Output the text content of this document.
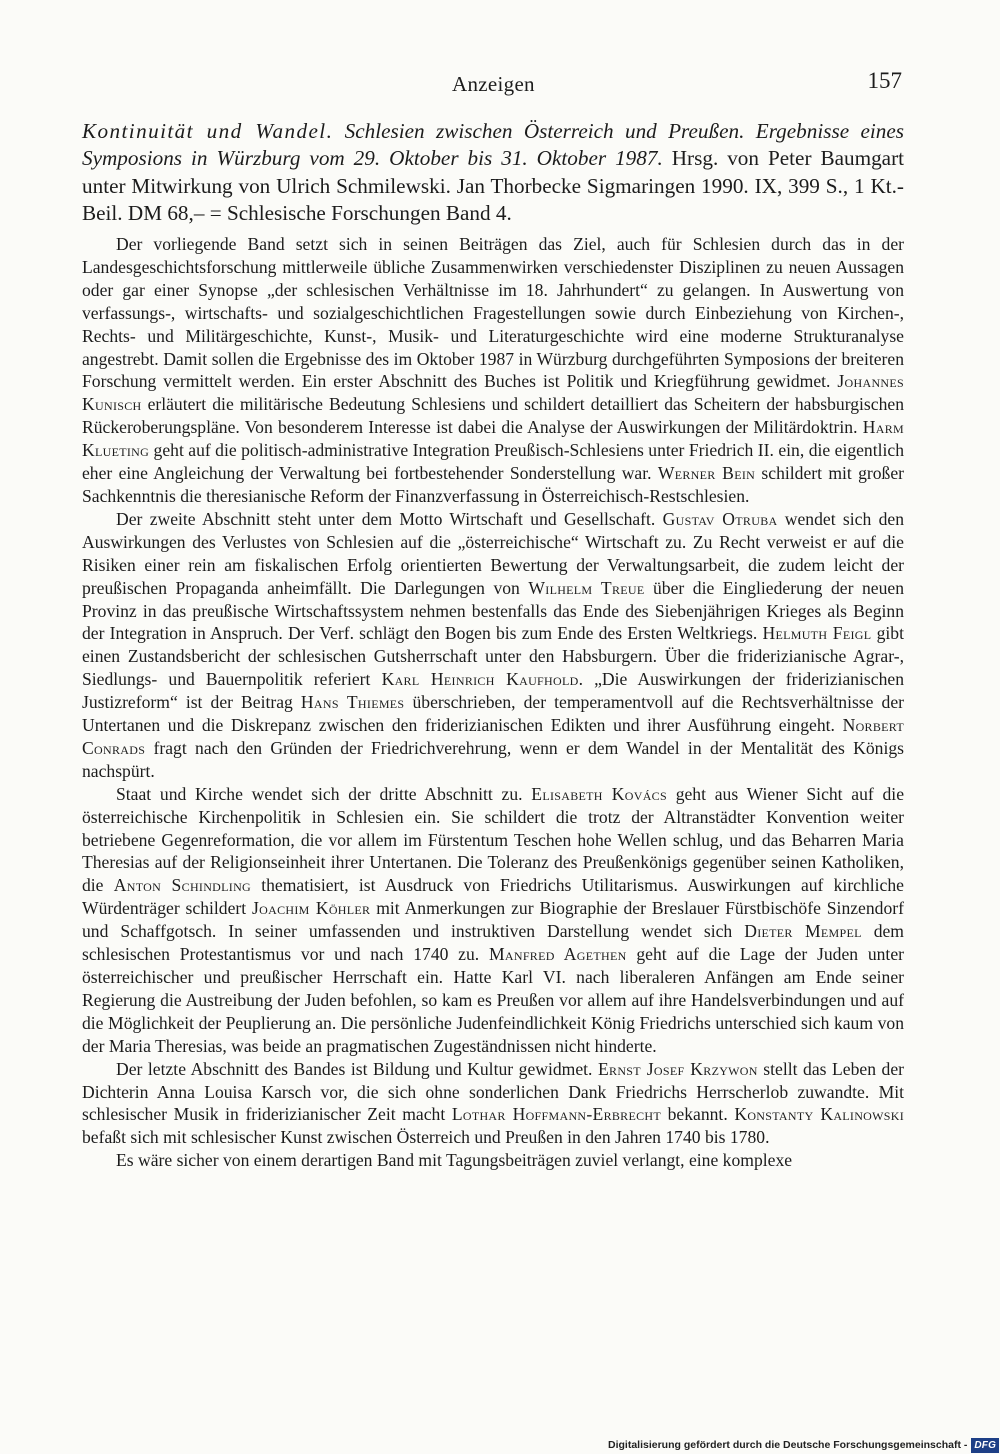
Anzeigen	157
Kontinuität und Wandel. Schlesien zwischen Österreich und Preußen. Ergebnisse eines Symposions in Würzburg vom 29. Oktober bis 31. Oktober 1987. Hrsg. von Peter Baumgart unter Mitwirkung von Ulrich Schmilewski. Jan Thorbecke Sigmaringen 1990. IX, 399 S., 1 Kt.-Beil. DM 68,– = Schlesische Forschungen Band 4.

Der vorliegende Band setzt sich in seinen Beiträgen das Ziel, auch für Schlesien durch das in der Landesgeschichtsforschung mittlerweile übliche Zusammenwirken verschiedenster Disziplinen zu neuen Aussagen oder gar einer Synopse „der schlesischen Verhältnisse im 18. Jahrhundert“ zu gelangen. In Auswertung von verfassungs-, wirtschafts- und sozialgeschichtlichen Fragestellungen sowie durch Einbeziehung von Kirchen-, Rechts- und Militärgeschichte, Kunst-, Musik- und Literaturgeschichte wird eine moderne Strukturanalyse angestrebt. Damit sollen die Ergebnisse des im Oktober 1987 in Würzburg durchgeführten Symposions der breiteren Forschung vermittelt werden. Ein erster Abschnitt des Buches ist Politik und Kriegführung gewidmet. Johannes Kunisch erläutert die militärische Bedeutung Schlesiens und schildert detailliert das Scheitern der habsburgischen Rückeroberungspläne. Von besonderem Interesse ist dabei die Analyse der Auswirkungen der Militärdoktrin. Harm Klueting geht auf die politisch-administrative Integration Preußisch-Schlesiens unter Friedrich II. ein, die eigentlich eher eine Angleichung der Verwaltung bei fortbestehender Sonderstellung war. Werner Bein schildert mit großer Sachkenntnis die theresianische Reform der Finanzverfassung in Österreichisch-Restschlesien.

Der zweite Abschnitt steht unter dem Motto Wirtschaft und Gesellschaft. Gustav Otruba wendet sich den Auswirkungen des Verlustes von Schlesien auf die „österreichische“ Wirtschaft zu. Zu Recht verweist er auf die Risiken einer rein am fiskalischen Erfolg orientierten Bewertung der Verwaltungsarbeit, die zudem leicht der preußischen Propaganda anheimfällt. Die Darlegungen von Wilhelm Treue über die Eingliederung der neuen Provinz in das preußische Wirtschaftssystem nehmen bestenfalls das Ende des Siebenjährigen Krieges als Beginn der Integration in Anspruch. Der Verf. schlägt den Bogen bis zum Ende des Ersten Weltkriegs. Helmuth Feigl gibt einen Zustandsbericht der schlesischen Gutsherrschaft unter den Habsburgern. Über die friderizianische Agrar-, Siedlungs- und Bauernpolitik referiert Karl Heinrich Kaufhold. „Die Auswirkungen der friderizianischen Justizreform“ ist der Beitrag Hans Thiemes überschrieben, der temperamentvoll auf die Rechtsverhältnisse der Untertanen und die Diskrepanz zwischen den friderizianischen Edikten und ihrer Ausführung eingeht. Norbert Conrads fragt nach den Gründen der Friedrichverehrung, wenn er dem Wandel in der Mentalität des Königs nachspürt.

Staat und Kirche wendet sich der dritte Abschnitt zu. Elisabeth Kovács geht aus Wiener Sicht auf die österreichische Kirchenpolitik in Schlesien ein. Sie schildert die trotz der Altranstädter Konvention weiter betriebene Gegenreformation, die vor allem im Fürstentum Teschen hohe Wellen schlug, und das Beharren Maria Theresias auf der Religionseinheit ihrer Untertanen. Die Toleranz des Preußenkönigs gegenüber seinen Katholiken, die Anton Schindling thematisiert, ist Ausdruck von Friedrichs Utilitarismus. Auswirkungen auf kirchliche Würdenträger schildert Joachim Köhler mit Anmerkungen zur Biographie der Breslauer Fürstbischöfe Sinzendorf und Schaffgotsch. In seiner umfassenden und instruktiven Darstellung wendet sich Dieter Mempel dem schlesischen Protestantismus vor und nach 1740 zu. Manfred Agethen geht auf die Lage der Juden unter österreichischer und preußischer Herrschaft ein. Hatte Karl VI. nach liberaleren Anfängen am Ende seiner Regierung die Austreibung der Juden befohlen, so kam es Preußen vor allem auf ihre Handelsverbindungen und auf die Möglichkeit der Peuplierung an. Die persönliche Judenfeindlichkeit König Friedrichs unterschied sich kaum von der Maria Theresias, was beide an pragmatischen Zugeständnissen nicht hinderte.

Der letzte Abschnitt des Bandes ist Bildung und Kultur gewidmet. Ernst Josef Krzywon stellt das Leben der Dichterin Anna Louisa Karsch vor, die sich ohne sonderlichen Dank Friedrichs Herrscherlob zuwandte. Mit schlesischer Musik in friderizianischer Zeit macht Lothar Hoffmann-Erbrecht bekannt. Konstanty Kalinowski befaßt sich mit schlesischer Kunst zwischen Österreich und Preußen in den Jahren 1740 bis 1780.

Es wäre sicher von einem derartigen Band mit Tagungsbeiträgen zuviel verlangt, eine komplexe

Digitalisierung gefördert durch die Deutsche Forschungsgemeinschaft - DFG
